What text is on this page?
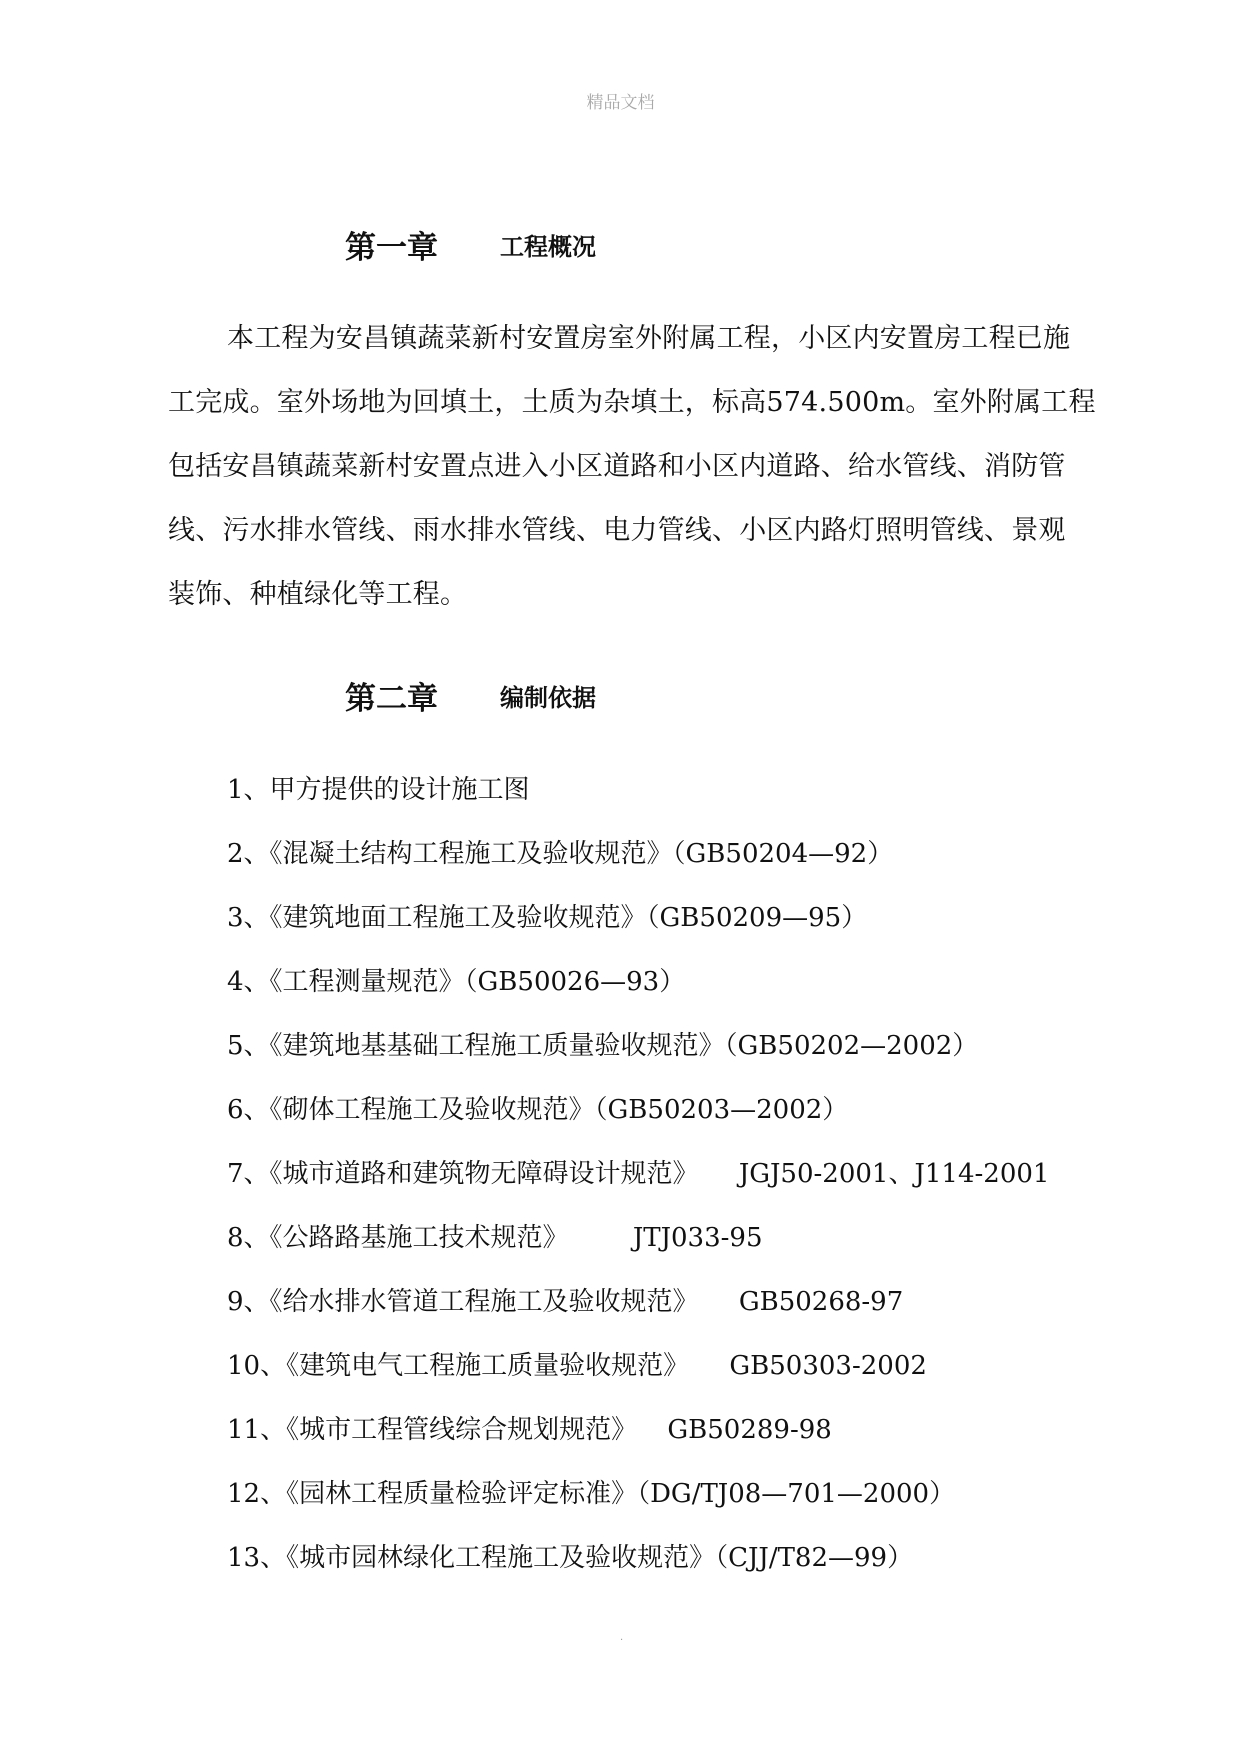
精品文档
第一章	工程概况
本工程为安昌镇蔬菜新村安置房室外附属工程，小区内安置房工程已施
工完成。室外场地为回填土，土质为杂填土，标高574.500m。室外附属工程
包括安昌镇蔬菜新村安置点进入小区道路和小区内道路、给水管线、消防管
线、污水排水管线、雨水排水管线、电力管线、小区内路灯照明管线、景观
装饰、种植绿化等工程。
第二章	编制依据
1、甲方提供的设计施工图
2、《混凝土结构工程施工及验收规范》（GB50204—92）
3、《建筑地面工程施工及验收规范》（GB50209—95）
4、《工程测量规范》（GB50026—93）
5、《建筑地基基础工程施工质量验收规范》（GB50202—2002）
6、《砌体工程施工及验收规范》（GB50203—2002）
7、《城市道路和建筑物无障碍设计规范》 JGJ50-2001、J114-2001
8、《公路路基施工技术规范》 JTJ033-95
9、《给水排水管道工程施工及验收规范》 GB50268-97
10、《建筑电气工程施工质量验收规范》 GB50303-2002
11、《城市工程管线综合规划规范》 GB50289-98
12、《园林工程质量检验评定标准》（DG/TJ08—701—2000）
13、《城市园林绿化工程施工及验收规范》（CJJ/T82—99）
.
